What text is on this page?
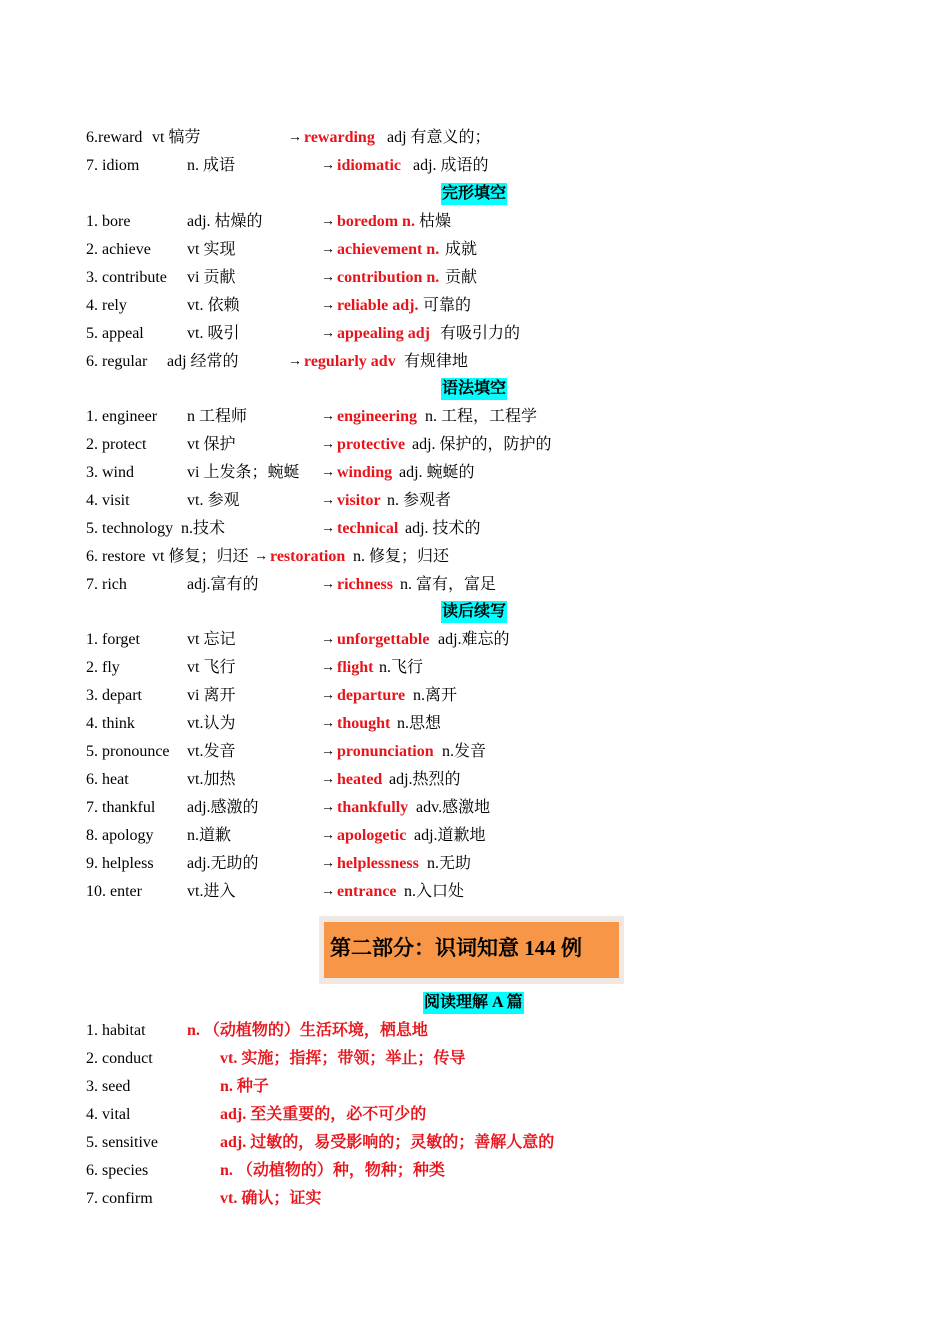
6.reward vt 犒劳	→ rewarding adj 有意义的；
7. idiom	n. 成语	→ idiomatic adj. 成语的
完形填空
1. bore	adj. 枯燥的	→ boredom n. 枯燥
2. achieve vt 实现	→ achievement n. 成就
3. contribute vi 贡献	→ contribution n. 贡献
4. rely	vt. 依赖	→ reliable adj. 可靠的
5. appeal	vt. 吸引	→ appealing adj 有吸引力的
6. regular adj 经常的	→ regularly adv 有规律地
语法填空
1. engineer n 工程师	→ engineering n. 工程，工程学
2. protect	vt 保护	→ protective adj. 保护的，防护的
3. wind	vi 上发条；蜿蜒 → winding adj. 蜿蜒的
4. visit	vt. 参观	→ visitor n. 参观者
5. technology n.技术	→ technical adj. 技术的
6. restore vt 修复；归还 → restoration n. 修复；归还
7. rich	adj.富有的	→ richness n. 富有，富足
读后续写
1. forget	vt 忘记	→ unforgettable adj.难忘的
2. fly	vt 飞行	→ flight n.飞行
3. depart	vi 离开	→ departure n.离开
4. think	vt.认为	→ thought n.思想
5. pronounce vt.发音	→ pronunciation n.发音
6. heat	vt.加热	→ heated adj.热烈的
7. thankful adj.感激的	→ thankfully adv.感激地
8. apology n.道歉	→ apologetic adj.道歉地
9. helpless adj.无助的	→ helplessness n.无助
10. enter	vt.进入	→ entrance n.入口处
第二部分：识词知意 144 例
阅读理解 A 篇
1. habitat	n. （动植物的）生活环境，栖息地
2. conduct	vt. 实施；指挥；带领；举止；传导
3. seed	n. 种子
4. vital	adj. 至关重要的，必不可少的
5. sensitive	adj. 过敏的，易受影响的；灵敏的；善解人意的
6. species	n. （动植物的）种，物种；种类
7. confirm	vt. 确认；证实
